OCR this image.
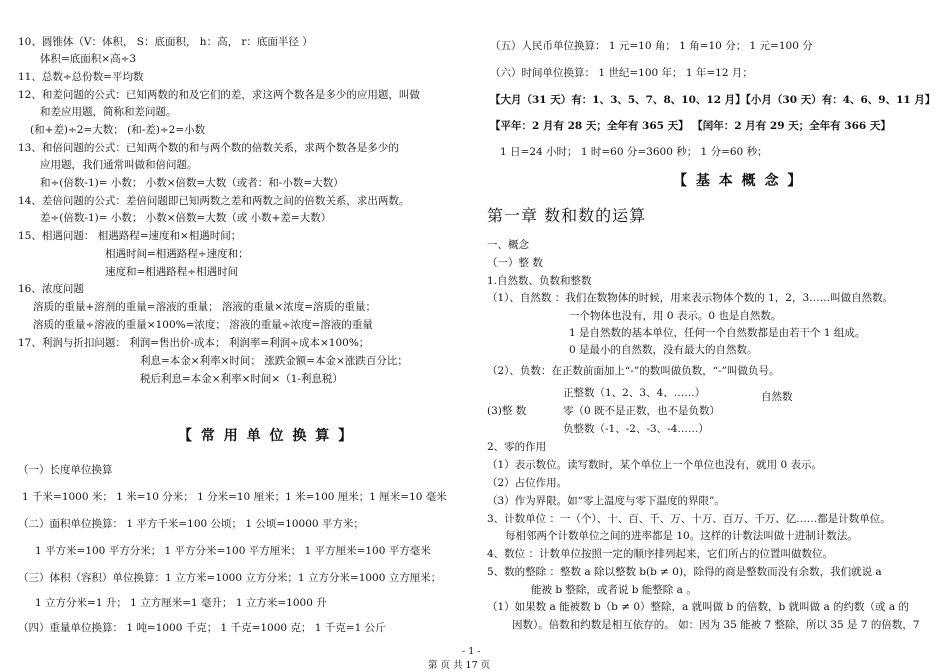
10、圆锥体（V：体积， S：底面积， h：高， r：底面半径 ）
体积=底面积×高÷3
11、总数÷总份数=平均数
12、和差问题的公式：已知两数的和及它们的差，求这两个数各是多少的应用题，叫做
和差应用题，简称和差问题。
(和+差)÷2=大数； (和-差)÷2=小数
13、和倍问题的公式：已知两个数的和与两个数的倍数关系，求两个数各是多少的
应用题，我们通常叫做和倍问题。
和÷(倍数-1)= 小数； 小数×倍数=大数（或者：和-小数=大数）
14、差倍问题的公式：差倍问题即已知两数之差和两数之间的倍数关系，求出两数。
差÷(倍数-1)= 小数； 小数×倍数=大数（或 小数+差=大数）
15、相遇问题： 相遇路程=速度和×相遇时间；
相遇时间=相遇路程÷速度和；
速度和=相遇路程÷相遇时间
16、浓度问题
溶质的重量+溶剂的重量=溶液的重量； 溶液的重量×浓度=溶质的重量；
溶质的重量÷溶液的重量×100%=浓度； 溶液的重量÷浓度=溶液的重量
17、利润与折扣问题： 利润=售出价-成本； 利润率=利润÷成本×100%；
利息=本金×利率×时间； 涨跌金额=本金×涨跌百分比；
税后利息=本金×利率×时间×（1-利息税）
【 常 用 单 位 换 算 】
（一）长度单位换算
1 千米=1000 米； 1 米=10 分米； 1 分米=10 厘米；1 米=100 厘米；1 厘米=10 毫米
（二）面积单位换算： 1 平方千米=100 公顷； 1 公顷=10000 平方米；
1 平方米=100 平方分米； 1 平方分米=100 平方厘米； 1 平方厘米=100 平方毫米
（三）体积（容积）单位换算：1 立方米=1000 立方分米；1 立方分米=1000 立方厘米；
1 立方分米=1 升； 1 立方厘米=1 毫升； 1 立方米=1000 升
（四）重量单位换算： 1 吨=1000 千克； 1 千克=1000 克； 1 千克=1 公斤
（五）人民币单位换算： 1 元=10 角； 1 角=10 分； 1 元=100 分
（六）时间单位换算： 1 世纪=100 年； 1 年=12 月；
【大月（31 天）有：1、3、5、7、8、10、12 月】【小月（30 天）有：4、6、9、11 月】
【平年：2 月有 28 天；全年有 365 天】 【闰年：2 月有 29 天；全年有 366 天】
1 日=24 小时； 1 时=60 分=3600 秒； 1 分=60 秒；
【 基 本 概 念 】
第一章 数和数的运算
一、概念
（一）整 数
1.自然数、负数和整数
（1）、自然数 ：我们在数物体的时候，用来表示物体个数的 1，2，3……叫做自然数。
一个物体也没有，用 0 表示。0 也是自然数。
1 是自然数的基本单位，任何一个自然数都是由若干个 1 组成。
0 是最小的自然数，没有最大的自然数。
（2）、负数：在正数前面加上“-”的数叫做负数，“-”叫做负号。
正整数（1、2、3、4、……）	自然数
(3)整 数	零（0 既不是正数，也不是负数）
负整数（-1、-2、-3、-4……）
2、零的作用
（1）表示数位。读写数时，某个单位上一个单位也没有，就用 0 表示。
（2）占位作用。
（3）作为界限。如“零上温度与零下温度的界限”。
3、计数单位 ：一（个）、十、百、千、万、十万、百万、千万、亿……都是计数单位。
每相邻两个计数单位之间的进率都是 10。这样的计数法叫做十进制计数法。
4、数位 ：计数单位按照一定的顺序排列起来，它们所占的位置叫做数位。
5、数的整除 ：整数 a 除以整数 b(b ≠ 0)，除得的商是整数而没有余数，我们就说 a
能被 b 整除，或者说 b 能整除 a 。
（1）如果数 a 能被数 b（b ≠ 0）整除，a 就叫做 b 的倍数，b 就叫做 a 的约数（或 a 的
因数）。倍数和约数是相互依存的。 如：因为 35 能被 7 整除，所以 35 是 7 的倍数，7
- 1 -
第 页 共 17 页
